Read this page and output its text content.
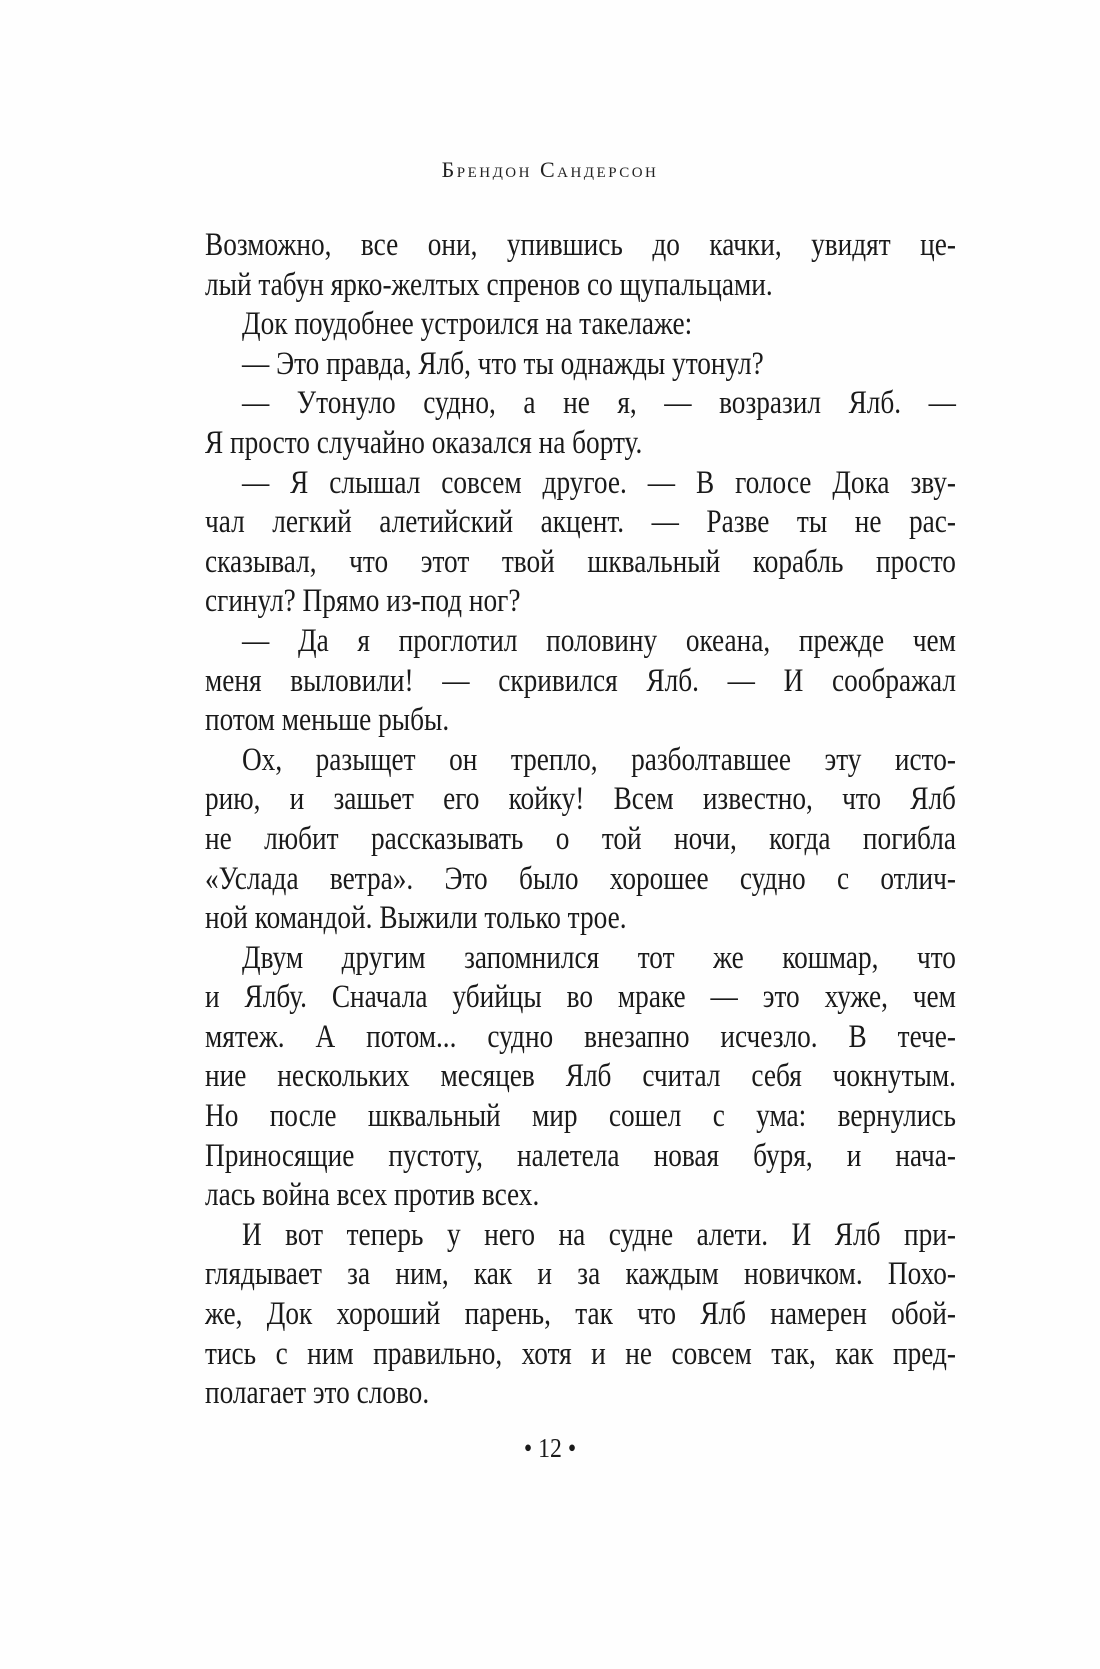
Брендон Сандерсон
Возможно, все они, упившись до качки, увидят це-
лый табун ярко-желтых спренов со щупальцами.
Док поудобнее устроился на такелаже:
— Это правда, Ялб, что ты однажды утонул?
— Утонуло судно, а не я, — возразил Ялб. —
Я просто случайно оказался на борту.
— Я слышал совсем другое. — В голосе Дока зву-
чал легкий алетийский акцент. — Разве ты не рас-
сказывал, что этот твой шквальный корабль просто
сгинул? Прямо из-под ног?
— Да я проглотил половину океана, прежде чем
меня выловили! — скривился Ялб. — И соображал
потом меньше рыбы.
Ох, разыщет он трепло, разболтавшее эту исто-
рию, и зашьет его койку! Всем известно, что Ялб
не любит рассказывать о той ночи, когда погибла
«Услада ветра». Это было хорошее судно с отлич-
ной командой. Выжили только трое.
Двум другим запомнился тот же кошмар, что
и Ялбу. Сначала убийцы во мраке — это хуже, чем
мятеж. А потом... судно внезапно исчезло. В тече-
ние нескольких месяцев Ялб считал себя чокнутым.
Но после шквальный мир сошел с ума: вернулись
Приносящие пустоту, налетела новая буря, и нача-
лась война всех против всех.
И вот теперь у него на судне алети. И Ялб при-
глядывает за ним, как и за каждым новичком. Похо-
же, Док хороший парень, так что Ялб намерен обой-
тись с ним правильно, хотя и не совсем так, как пред-
полагает это слово.
• 12 •
